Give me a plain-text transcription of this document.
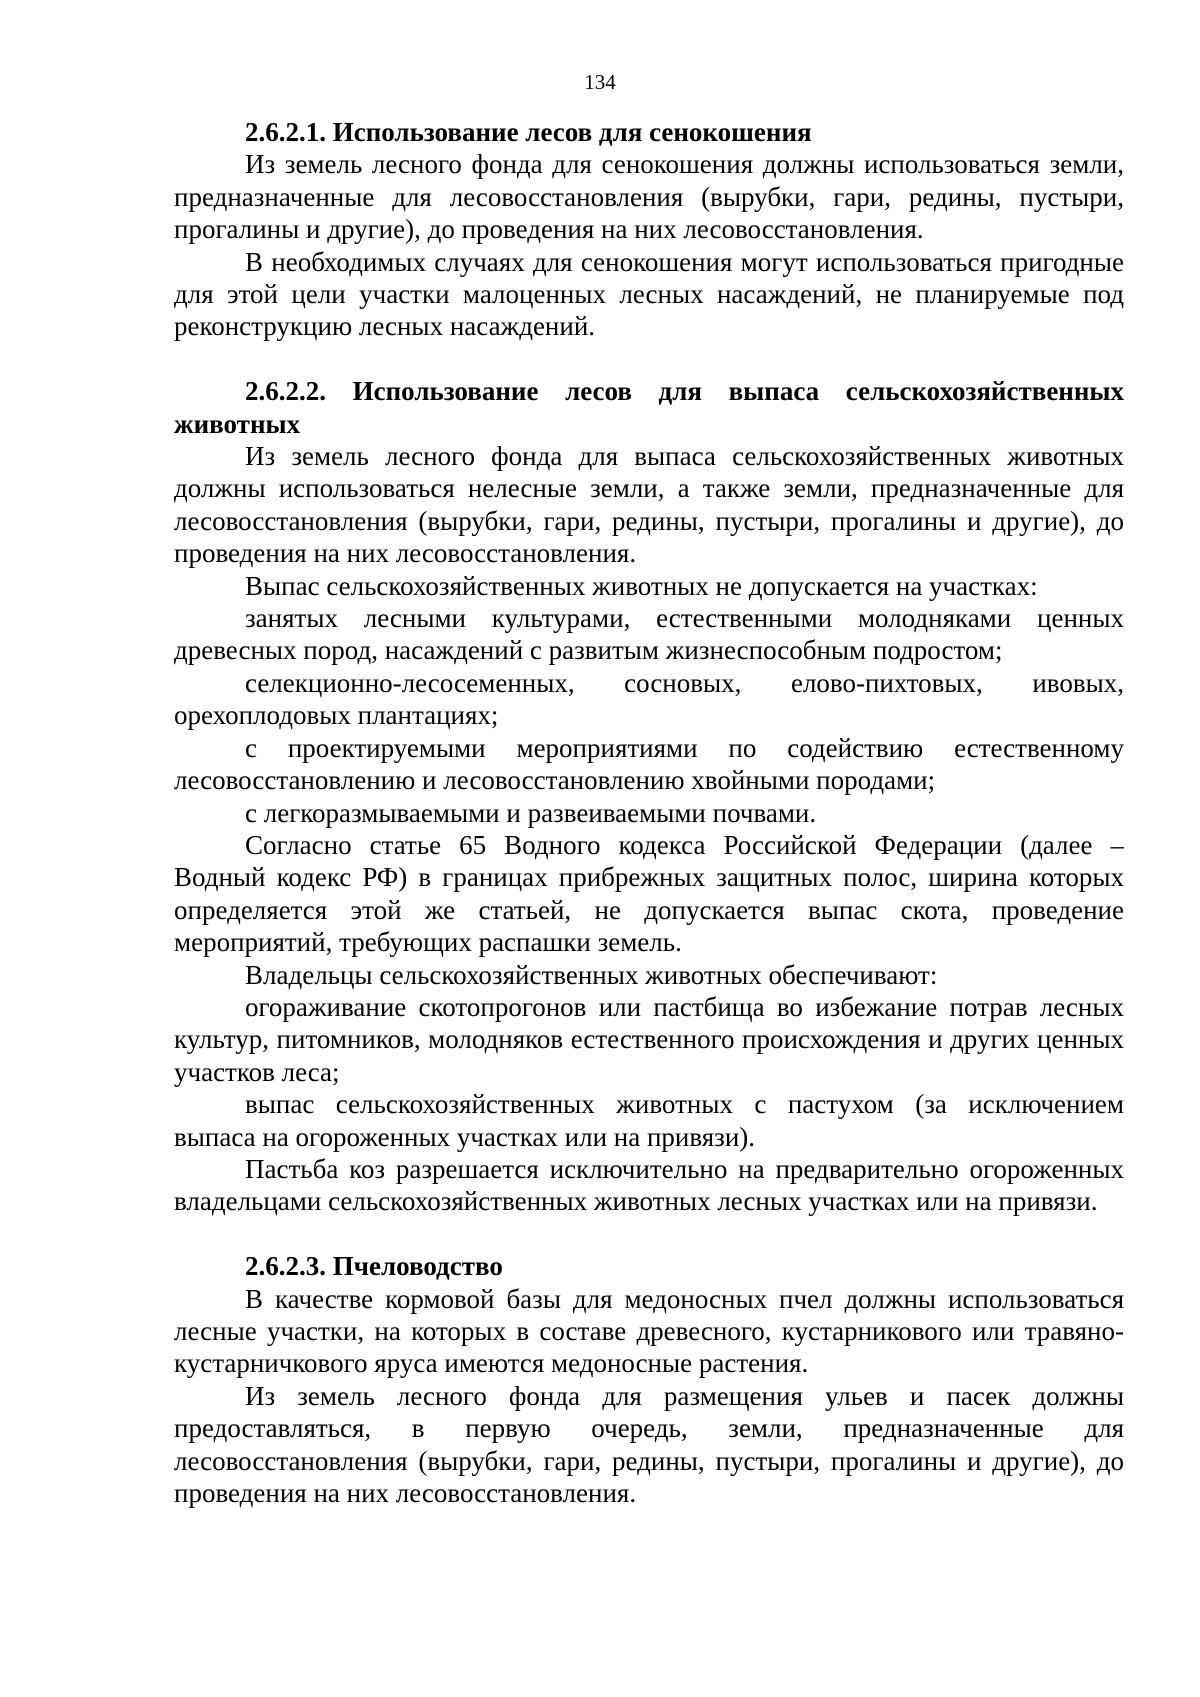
134

2.6.2.1. Использование лесов для сенокошения

Из земель лесного фонда для сенокошения должны использоваться земли, предназначенные для лесовосстановления (вырубки, гари, редины, пустыри, прогалины и другие), до проведения на них лесовосстановления.

В необходимых случаях для сенокошения могут использоваться пригодные для этой цели участки малоценных лесных насаждений, не планируемые под реконструкцию лесных насаждений.

2.6.2.2. Использование лесов для выпаса сельскохозяйственных животных

Из земель лесного фонда для выпаса сельскохозяйственных животных должны использоваться нелесные земли, а также земли, предназначенные для лесовосстановления (вырубки, гари, редины, пустыри, прогалины и другие), до проведения на них лесовосстановления.

Выпас сельскохозяйственных животных не допускается на участках:

занятых лесными культурами, естественными молодняками ценных древесных пород, насаждений с развитым жизнеспособным подростом;

селекционно-лесосеменных, сосновых, елово-пихтовых, ивовых, орехоплодовых плантациях;

с проектируемыми мероприятиями по содействию естественному лесовосстановлению и лесовосстановлению хвойными породами;

с легкоразмываемыми и развеиваемыми почвами.

Согласно статье 65 Водного кодекса Российской Федерации (далее – Водный кодекс РФ) в границах прибрежных защитных полос, ширина которых определяется этой же статьей, не допускается выпас скота, проведение мероприятий, требующих распашки земель.

Владельцы сельскохозяйственных животных обеспечивают:

огораживание скотопрогонов или пастбища во избежание потрав лесных культур, питомников, молодняков естественного происхождения и других ценных участков леса;

выпас сельскохозяйственных животных с пастухом (за исключением выпаса на огороженных участках или на привязи).

Пастьба коз разрешается исключительно на предварительно огороженных владельцами сельскохозяйственных животных лесных участках или на привязи.

2.6.2.3. Пчеловодство

В качестве кормовой базы для медоносных пчел должны использоваться лесные участки, на которых в составе древесного, кустарникового или травяно-кустарничкового яруса имеются медоносные растения.

Из земель лесного фонда для размещения ульев и пасек должны предоставляться, в первую очередь, земли, предназначенные для лесовосстановления (вырубки, гари, редины, пустыри, прогалины и другие), до проведения на них лесовосстановления.
